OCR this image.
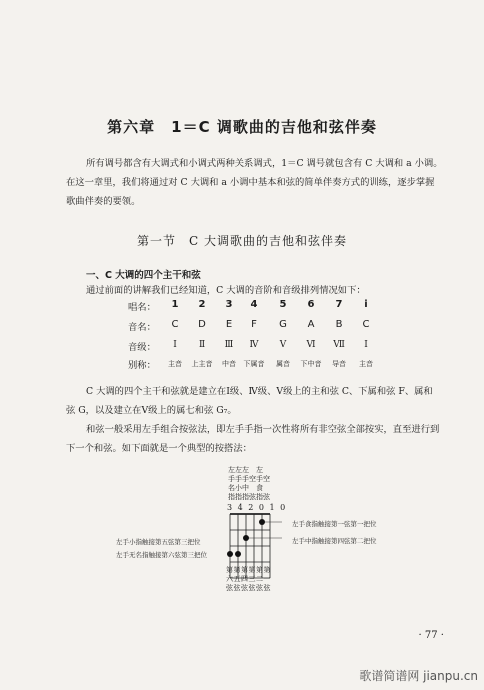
第六章　1＝C 调歌曲的吉他和弦伴奏
所有调号都含有大调式和小调式两种关系调式，1＝C 调号就包含有 C 大调和 a 小调。
在这一章里，我们将通过对 C 大调和 a 小调中基本和弦的简单伴奏方式的训练，逐步掌握
歌曲伴奏的要领。
第一节　C 大调歌曲的吉他和弦伴奏
一、C 大调的四个主干和弦
通过前面的讲解我们已经知道，C 大调的音阶和音级排列情况如下：
唱名：	1	2	3	4	5	6	7	i
音名：	C	D	E	F	G	A	B	C
音级：	Ⅰ	Ⅱ	Ⅲ	Ⅳ	Ⅴ	Ⅵ	Ⅶ	Ⅰ
别称：	主音	上主音	中音	下属音	属音	下中音	导音	主音
C 大调的四个主干和弦就是建立在Ⅰ级、Ⅳ级、Ⅴ级上的主和弦 C、下属和弦 F、属和
弦 G，以及建立在Ⅴ级上的属七和弦 G₇。
和弦一般采用左手组合按弦法，即左手手指一次性将所有非空弦全部按实，直至进行到
下一个和弦。如下面就是一个典型的按搭法：
左左左　左
手手手空手空
名小中　食
指指指弦指弦
3 4 2 0 1 0
左手食指触接第一弦第一把位
左手中指触接第四弦第二把位
左手小指触接第五弦第三把位
左手无名指触接第六弦第三把位
第第第第第第
六五四三二一
弦弦弦弦弦弦
· 77 ·
歌谱简谱网 jianpu.cn
